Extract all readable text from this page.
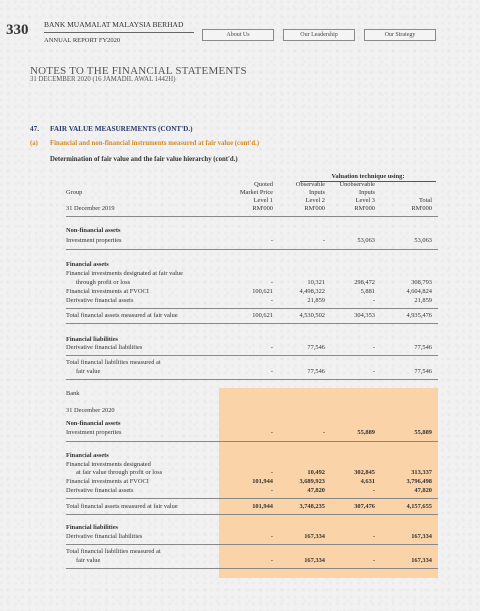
330 BANK MUAMALAT MALAYSIA BERHAD
ANNUAL REPORT FY2020
About Us	Our Leadership	Our Strategy
NOTES TO THE FINANCIAL STATEMENTS
31 DECEMBER 2020 (16 JAMADIL AWAL 1442H)
47. FAIR VALUE MEASUREMENTS (CONT'D.)
(a) Financial and non-financial instruments measured at fair value (cont'd.)
Determination of fair value and the fair value hierarchy (cont'd.)
Valuation technique using:
Quoted
Market Price
Level 1
RM'000
Observable
Inputs
Level 2
RM'000
Unobservable
Inputs
Level 3
RM'000
Total
RM'000
Group
31 December 2019
Non-financial assets
Investment properties	-	-	53,063	53,063
Financial assets
Financial investments designated at fair value
through profit or loss	-	10,321	298,472	308,793
Financial investments at FVOCI	100,621	4,498,322	5,881	4,604,824
Derivative financial assets	-	21,859	-	21,859
Total financial assets measured at fair value	100,621	4,530,502	304,353	4,935,476
Financial liabilities
Derivative financial liabilities	-	77,546	-	77,546
Total financial liabilities measured at
fair value	-	77,546	-	77,546
Bank
31 December 2020
Non-financial assets
Investment properties	-	-	55,889	55,889
Financial assets
Financial investments designated
at fair value through profit or loss	-	10,492	302,845	313,337
Financial investments at FVOCI	101,944	3,689,923	4,631	3,796,498
Derivative financial assets	-	47,820	-	47,820
Total financial assets measured at fair value	101,944	3,748,235	307,476	4,157,655
Financial liabilities
Derivative financial liabilities	-	167,334	-	167,334
Total financial liabilities measured at
fair value	-	167,334	-	167,334
